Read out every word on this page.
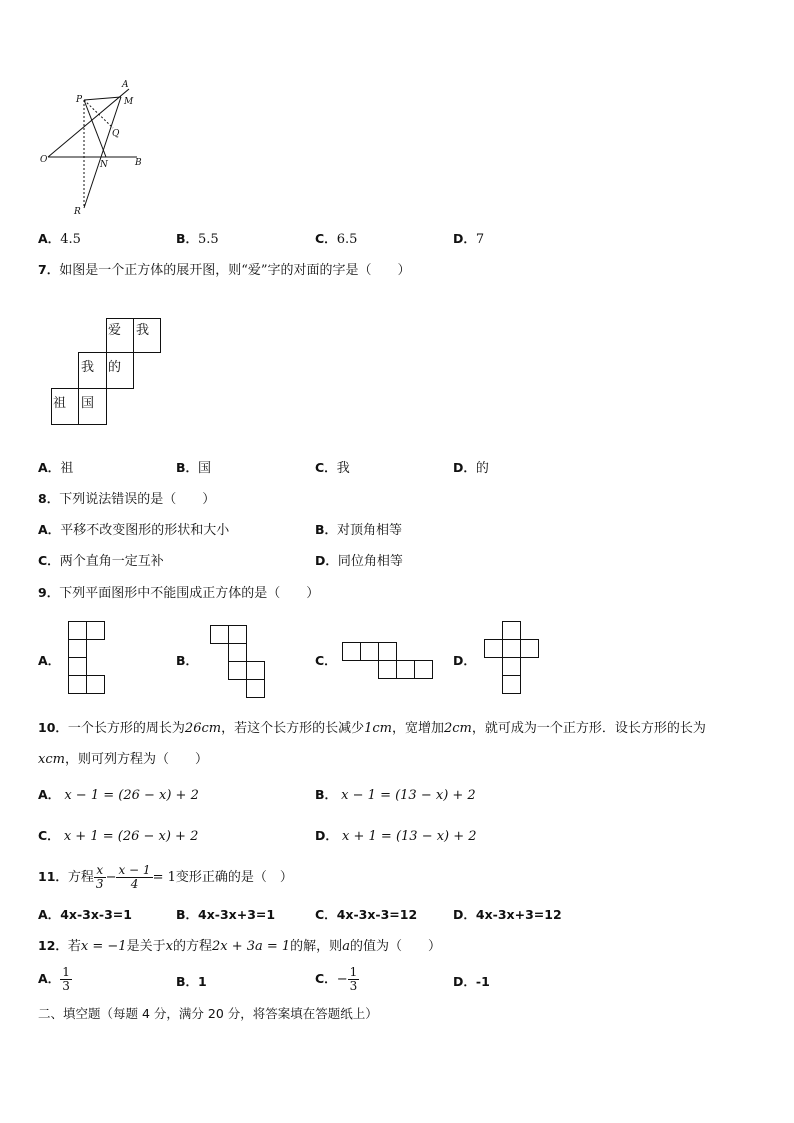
P
A
M
Q
O	N	B
R
A．4.5	B．5.5	C．6.5	D．7
7．如图是一个正方体的展开图，则“爱”字的对面的字是（　　）
爱 我
我 的
祖 国
A．祖	B．国	C．我	D．的
8．下列说法错误的是（　　）
A．平移不改变图形的形状和大小	B．对顶角相等
C．两个直角一定互补	D．同位角相等
9．下列平面图形中不能围成正方体的是（　　）
A．	B．	C．	D．
10．一个长方形的周长为26cm，若这个长方形的长减少1cm，宽增加2cm，就可成为一个正方形．设长方形的长为
xcm，则可列方程为（　　）
A． x − 1 = (26 − x) + 2	B． x − 1 = (13 − x) + 2
C． x + 1 = (26 − x) + 2	D． x + 1 = (13 − x) + 2
11．方程 $\frac{x}{3} - \frac{x - 1}{4} = 1$变形正确的是（　）
A．4x-3x-3=1	B．4x-3x+3=1	C．4x-3x-3=12	D．4x-3x+3=12
12．若x = −1是关于x的方程2x + 3a = 1的解，则a的值为（　　）
A． $\frac{1}{3}$	B．1	C．− $\frac{1}{3}$	D．-1
二、填空题（每题 4 分，满分 20 分，将答案填在答题纸上）
